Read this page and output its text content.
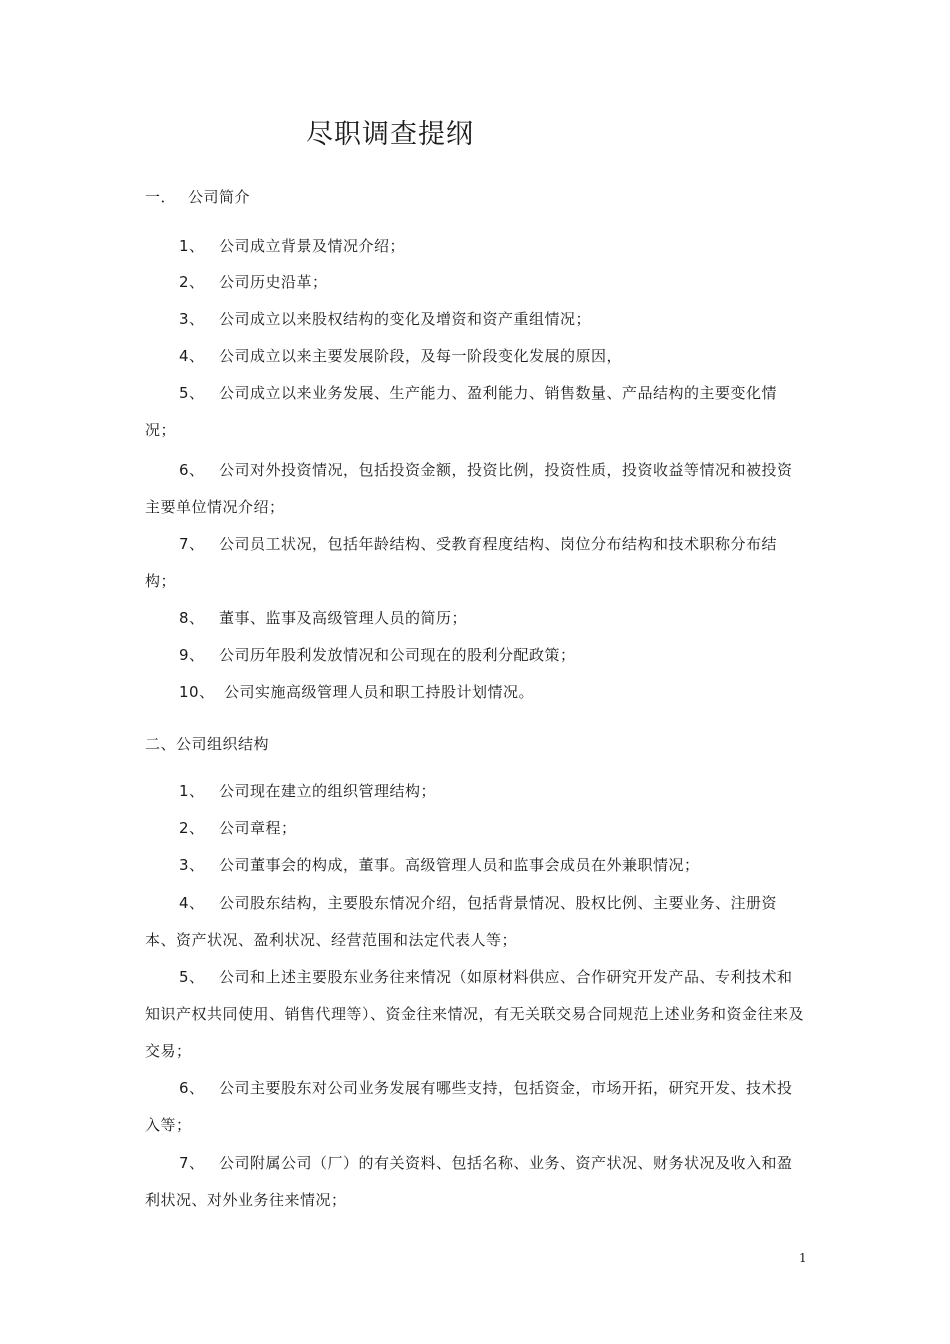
尽职调查提纲
一． 公司简介
1、 公司成立背景及情况介绍；
2、 公司历史沿革；
3、 公司成立以来股权结构的变化及增资和资产重组情况；
4、 公司成立以来主要发展阶段，及每一阶段变化发展的原因，
5、 公司成立以来业务发展、生产能力、盈利能力、销售数量、产品结构的主要变化情况；
6、 公司对外投资情况，包括投资金额，投资比例，投资性质，投资收益等情况和被投资主要单位情况介绍；
7、 公司员工状况，包括年龄结构、受教育程度结构、岗位分布结构和技术职称分布结构；
8、 董事、监事及高级管理人员的简历；
9、 公司历年股利发放情况和公司现在的股利分配政策；
10、 公司实施高级管理人员和职工持股计划情况。
二、公司组织结构
1、 公司现在建立的组织管理结构；
2、 公司章程；
3、 公司董事会的构成，董事。高级管理人员和监事会成员在外兼职情况；
4、 公司股东结构，主要股东情况介绍，包括背景情况、股权比例、主要业务、注册资本、资产状况、盈利状况、经营范围和法定代表人等；
5、 公司和上述主要股东业务往来情况（如原材料供应、合作研究开发产品、专利技术和知识产权共同使用、销售代理等）、资金往来情况，有无关联交易合同规范上述业务和资金往来及交易；
6、 公司主要股东对公司业务发展有哪些支持，包括资金，市场开拓，研究开发、技术投入等；
7、 公司附属公司（厂）的有关资料、包括名称、业务、资产状况、财务状况及收入和盈利状况、对外业务往来情况；
1
